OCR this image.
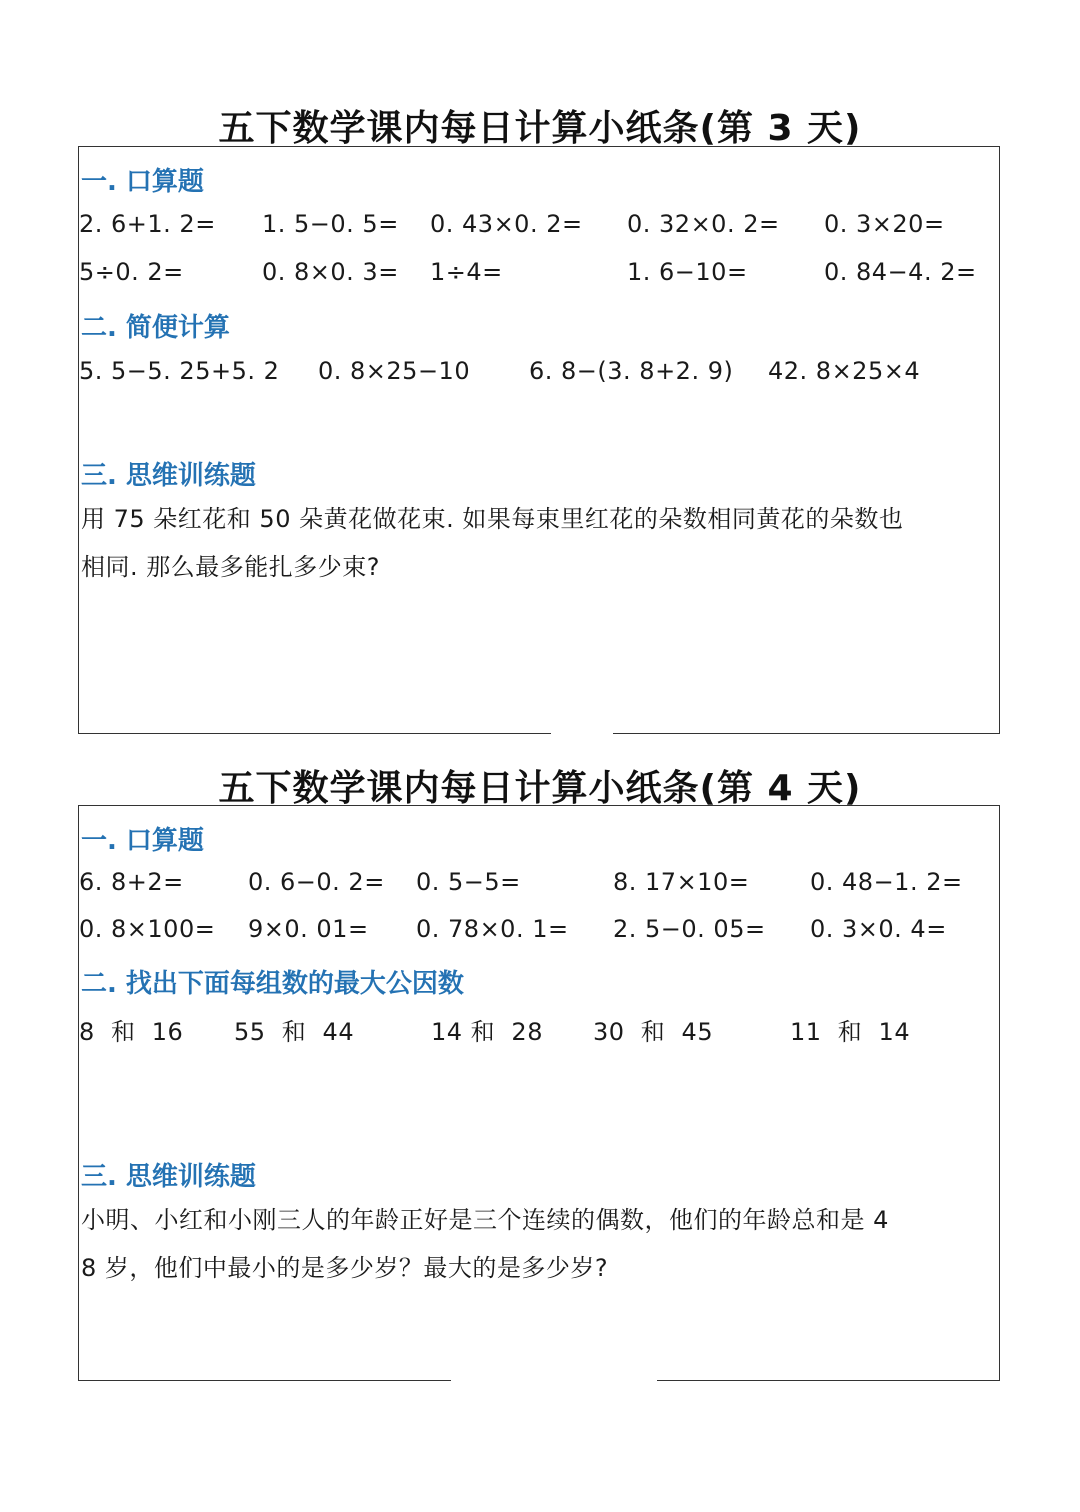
五下数学课内每日计算小纸条(第 3 天)
一. 口算题
2. 6+1. 2= 1. 5−0. 5= 0. 43×0. 2= 0. 32×0. 2= 0. 3×20=
5÷0. 2=	0. 8×0. 3= 1÷4=	1. 6−10=	0. 84−4. 2=
二. 简便计算
5. 5−5. 25+5. 2 0. 8×25−10 6. 8−(3. 8+2. 9) 42. 8×25×4
三. 思维训练题
用 75 朵红花和 50 朵黄花做花束. 如果每束里红花的朵数相同黄花的朵数也
相同. 那么最多能扎多少束?
五下数学课内每日计算小纸条(第 4 天)
一. 口算题
6. 8+2=	0. 6−0. 2= 0. 5−5=	8. 17×10=	0. 48−1. 2=
0. 8×100= 9×0. 01= 0. 78×0. 1= 2. 5−0. 05= 0. 3×0. 4=
二. 找出下面每组数的最大公因数
8  和  16 55  和  44	14 和  28 30  和  45	11  和  14
三. 思维训练题
小明、小红和小刚三人的年龄正好是三个连续的偶数，他们的年龄总和是 4
8 岁，他们中最小的是多少岁？最大的是多少岁?
